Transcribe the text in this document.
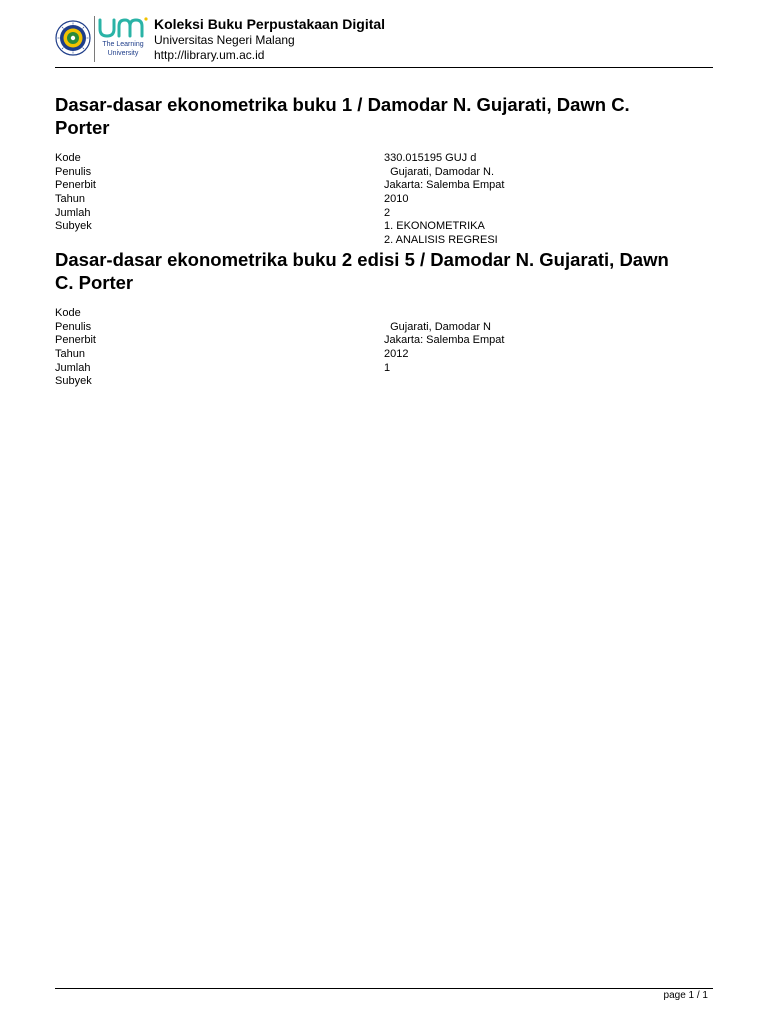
The Learning
University
Koleksi Buku Perpustakaan Digital
Universitas Negeri Malang
http://library.um.ac.id
Dasar-dasar ekonometrika buku 1 / Damodar N. Gujarati, Dawn C.
Porter
Kode	330.015195 GUJ d
Penulis	Gujarati, Damodar N.
Penerbit	Jakarta: Salemba Empat
Tahun	2010
Jumlah	2
Subyek	1. EKONOMETRIKA
2. ANALISIS REGRESI
Dasar-dasar ekonometrika buku 2 edisi 5 / Damodar N. Gujarati, Dawn
C. Porter
Kode
Penulis	Gujarati, Damodar N
Penerbit	Jakarta: Salemba Empat
Tahun	2012
Jumlah	1
Subyek
page 1 / 1
